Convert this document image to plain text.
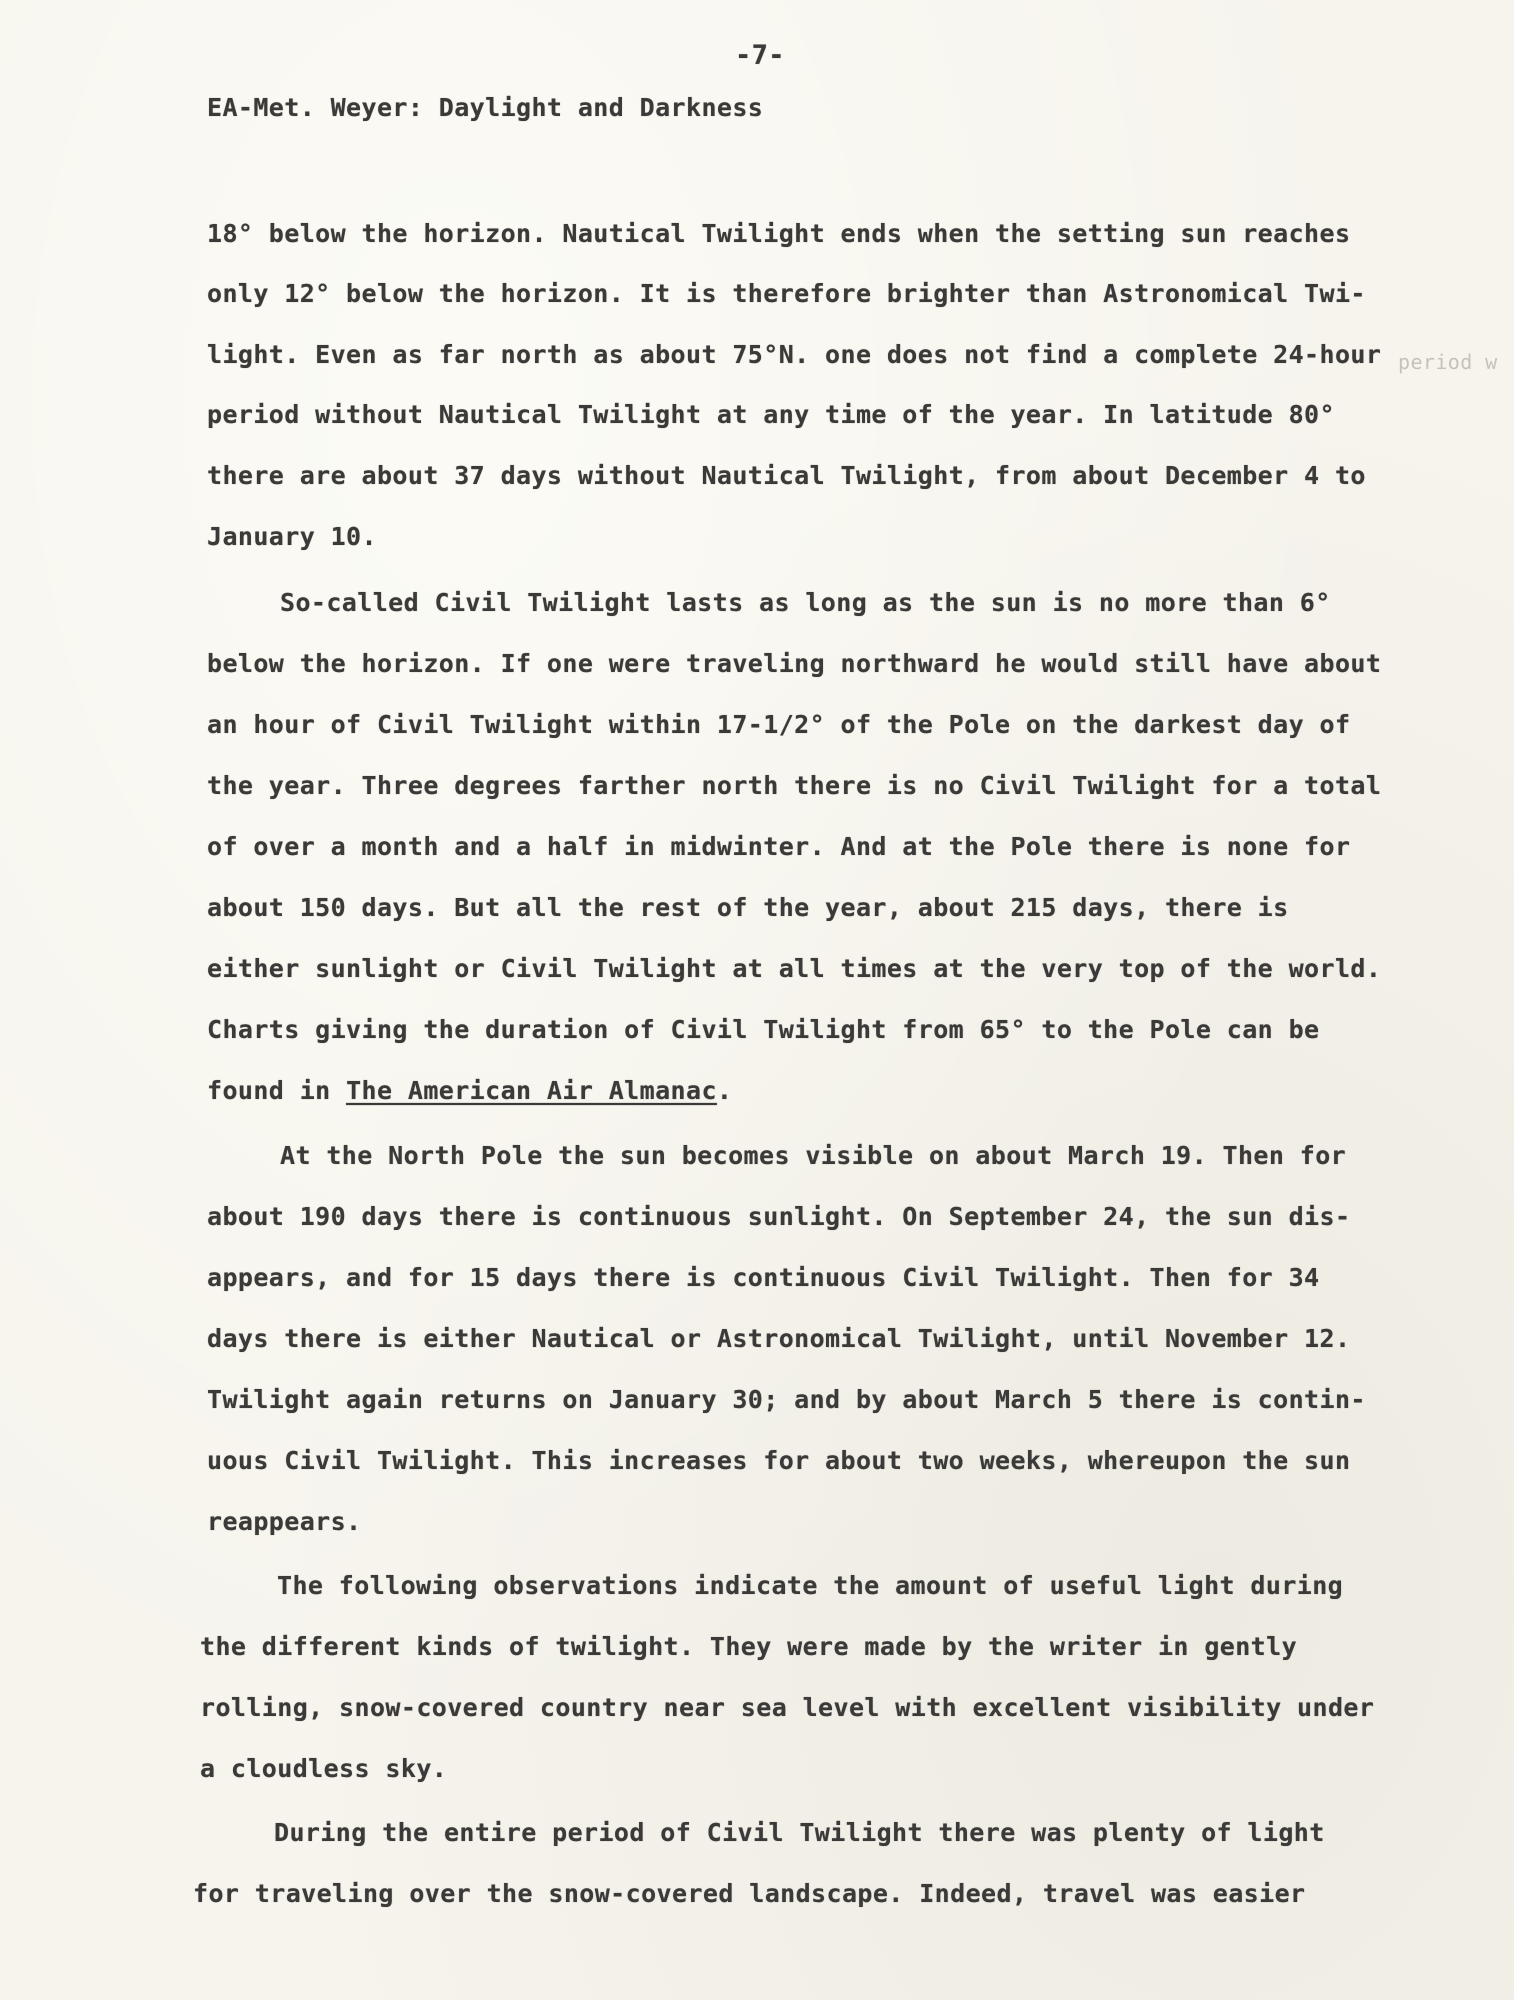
-7-
EA-Met. Weyer: Daylight and Darkness
period w
18° below the horizon. Nautical Twilight ends when the setting sun reaches
only 12° below the horizon. It is therefore brighter than Astronomical Twi-
light. Even as far north as about 75°N. one does not find a complete 24-hour
period without Nautical Twilight at any time of the year. In latitude 80°
there are about 37 days without Nautical Twilight, from about December 4 to
January 10.
So-called Civil Twilight lasts as long as the sun is no more than 6°
below the horizon. If one were traveling northward he would still have about
an hour of Civil Twilight within 17-1/2° of the Pole on the darkest day of
the year. Three degrees farther north there is no Civil Twilight for a total
of over a month and a half in midwinter. And at the Pole there is none for
about 150 days. But all the rest of the year, about 215 days, there is
either sunlight or Civil Twilight at all times at the very top of the world.
Charts giving the duration of Civil Twilight from 65° to the Pole can be
found in The American Air Almanac.
At the North Pole the sun becomes visible on about March 19. Then for
about 190 days there is continuous sunlight. On September 24, the sun dis-
appears, and for 15 days there is continuous Civil Twilight. Then for 34
days there is either Nautical or Astronomical Twilight, until November 12.
Twilight again returns on January 30; and by about March 5 there is contin-
uous Civil Twilight. This increases for about two weeks, whereupon the sun
reappears.
The following observations indicate the amount of useful light during
the different kinds of twilight. They were made by the writer in gently
rolling, snow-covered country near sea level with excellent visibility under
a cloudless sky.
During the entire period of Civil Twilight there was plenty of light
for traveling over the snow-covered landscape. Indeed, travel was easier
